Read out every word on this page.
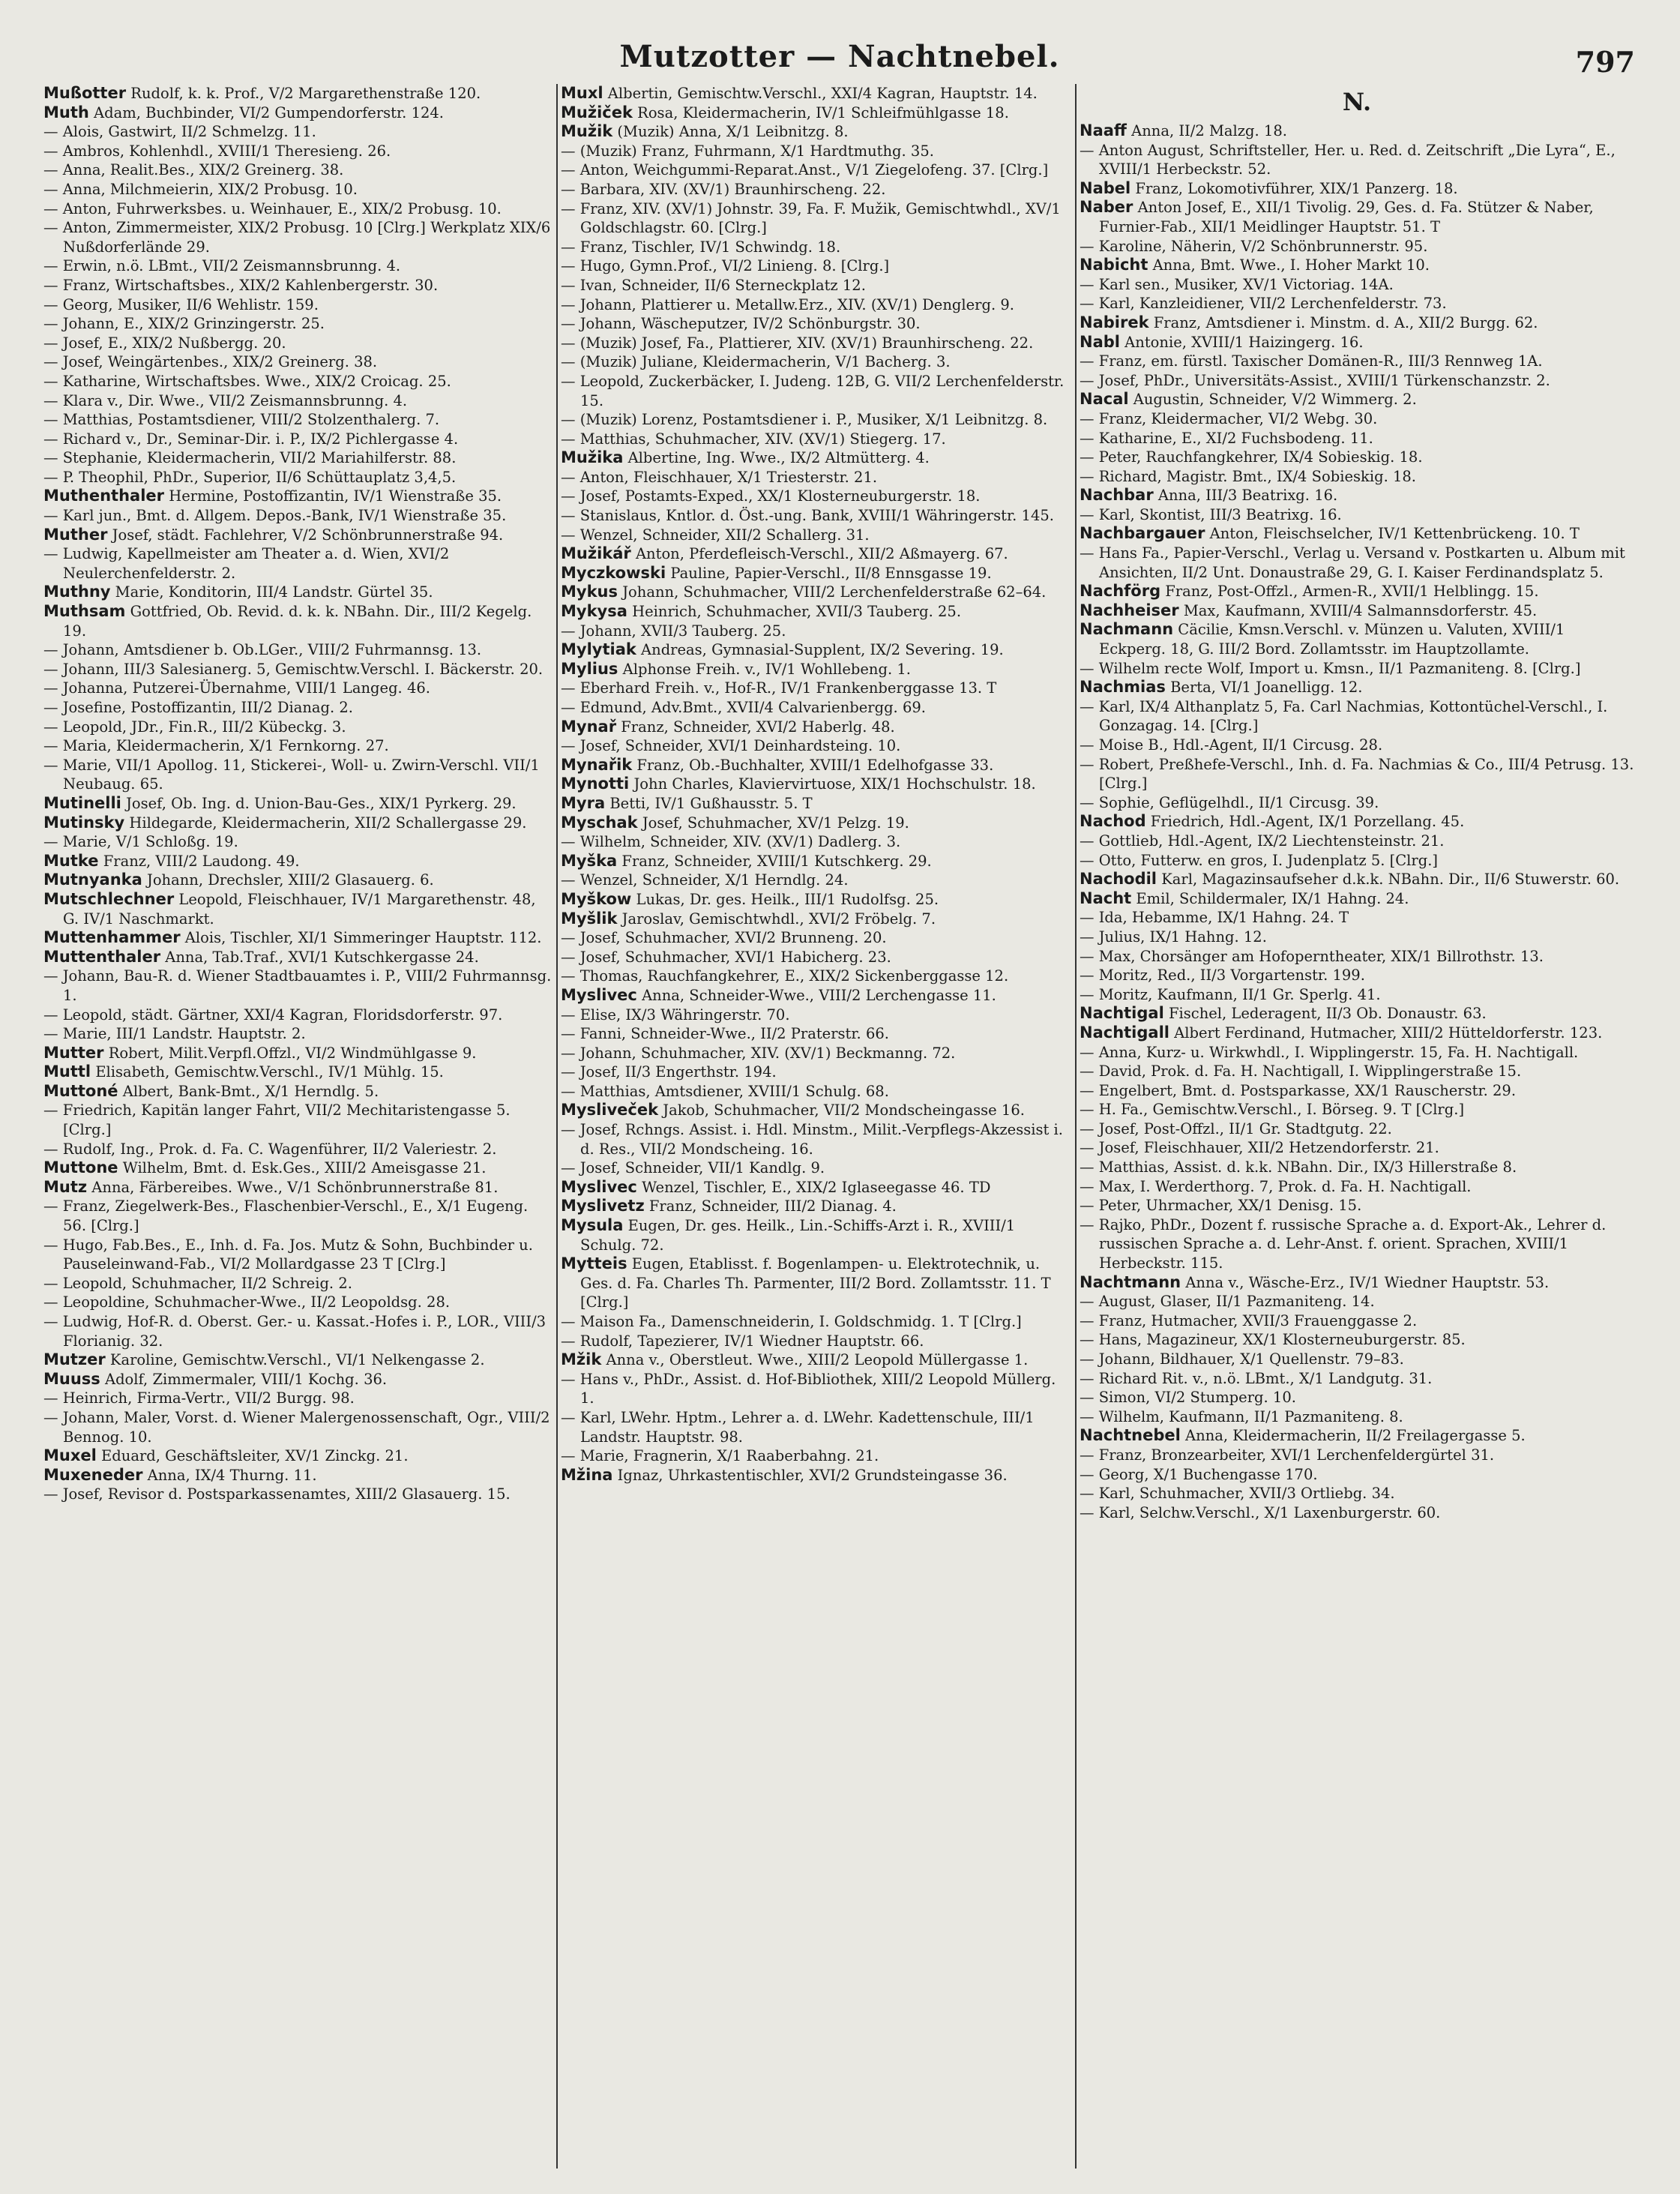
Mutzotter — Nachtnebel.	797

Mußotter Rudolf, k. k. Prof., V/2 Margarethenstraße 120.

Muth Adam, Buchbinder, VI/2 Gumpendorferstr. 124.

— Alois, Gastwirt, II/2 Schmelzg. 11.

— Ambros, Kohlenhdl., XVIII/1 Theresieng. 26.

— Anna, Realit.Bes., XIX/2 Greinerg. 38.

— Anna, Milchmeierin, XIX/2 Probusg. 10.

— Anton, Fuhrwerksbes. u. Weinhauer, E., XIX/2 Probusg. 10.

— Anton, Zimmermeister, XIX/2 Probusg. 10 [Clrg.] Werkplatz XIX/6 Nußdorferlände 29.

— Erwin, n.ö. LBmt., VII/2 Zeismannsbrunng. 4.

— Franz, Wirtschaftsbes., XIX/2 Kahlenbergerstr. 30.

— Georg, Musiker, II/6 Wehlistr. 159.

— Johann, E., XIX/2 Grinzingerstr. 25.

— Josef, E., XIX/2 Nußbergg. 20.

— Josef, Weingärtenbes., XIX/2 Greinerg. 38.

— Katharine, Wirtschaftsbes. Wwe., XIX/2 Croicag. 25.

— Klara v., Dir. Wwe., VII/2 Zeismannsbrunng. 4.

— Matthias, Postamtsdiener, VIII/2 Stolzenthalerg. 7.

— Richard v., Dr., Seminar-Dir. i. P., IX/2 Pichlergasse 4.

— Stephanie, Kleidermacherin, VII/2 Mariahilferstr. 88.

— P. Theophil, PhDr., Superior, II/6 Schüttauplatz 3,4,5.

Muthenthaler Hermine, Postoffizantin, IV/1 Wienstraße 35.

— Karl jun., Bmt. d. Allgem. Depos.-Bank, IV/1 Wienstraße 35.

Muther Josef, städt. Fachlehrer, V/2 Schönbrunnerstraße 94.

— Ludwig, Kapellmeister am Theater a. d. Wien, XVI/2 Neulerchenfelderstr. 2.

Muthny Marie, Konditorin, III/4 Landstr. Gürtel 35.

Muthsam Gottfried, Ob. Revid. d. k. k. NBahn. Dir., III/2 Kegelg. 19.

— Johann, Amtsdiener b. Ob.LGer., VIII/2 Fuhrmannsg. 13.

— Johann, III/3 Salesianerg. 5, Gemischtw.Verschl. I. Bäckerstr. 20.

— Johanna, Putzerei-Übernahme, VIII/1 Langeg. 46.

— Josefine, Postoffizantin, III/2 Dianag. 2.

— Leopold, JDr., Fin.R., III/2 Kübeckg. 3.

— Maria, Kleidermacherin, X/1 Fernkorng. 27.

— Marie, VII/1 Apollog. 11, Stickerei-, Woll- u. Zwirn-Verschl. VII/1 Neubaug. 65.

Mutinelli Josef, Ob. Ing. d. Union-Bau-Ges., XIX/1 Pyrkerg. 29.

Mutinsky Hildegarde, Kleidermacherin, XII/2 Schallergasse 29.

— Marie, V/1 Schloßg. 19.

Mutke Franz, VIII/2 Laudong. 49.

Mutnyanka Johann, Drechsler, XIII/2 Glasauerg. 6.

Mutschlechner Leopold, Fleischhauer, IV/1 Margarethenstr. 48, G. IV/1 Naschmarkt.

Muttenhammer Alois, Tischler, XI/1 Simmeringer Hauptstr. 112.

Muttenthaler Anna, Tab.Traf., XVI/1 Kutschkergasse 24.

— Johann, Bau-R. d. Wiener Stadtbauamtes i. P., VIII/2 Fuhrmannsg. 1.

— Leopold, städt. Gärtner, XXI/4 Kagran, Floridsdorferstr. 97.

— Marie, III/1 Landstr. Hauptstr. 2.

Mutter Robert, Milit.Verpfl.Offzl., VI/2 Windmühlgasse 9.

Muttl Elisabeth, Gemischtw.Verschl., IV/1 Mühlg. 15.

Muttoné Albert, Bank-Bmt., X/1 Herndlg. 5.

— Friedrich, Kapitän langer Fahrt, VII/2 Mechitaristengasse 5. [Clrg.]

— Rudolf, Ing., Prok. d. Fa. C. Wagenführer, II/2 Valeriestr. 2.

Muttone Wilhelm, Bmt. d. Esk.Ges., XIII/2 Ameisgasse 21.

Mutz Anna, Färbereibes. Wwe., V/1 Schönbrunnerstraße 81.

— Franz, Ziegelwerk-Bes., Flaschenbier-Verschl., E., X/1 Eugeng. 56. [Clrg.]

— Hugo, Fab.Bes., E., Inh. d. Fa. Jos. Mutz & Sohn, Buchbinder u. Pauseleinwand-Fab., VI/2 Mollardgasse 23 T [Clrg.]

— Leopold, Schuhmacher, II/2 Schreig. 2.

— Leopoldine, Schuhmacher-Wwe., II/2 Leopoldsg. 28.

— Ludwig, Hof-R. d. Oberst. Ger.- u. Kassat.-Hofes i. P., LOR., VIII/3 Florianig. 32.

Mutzer Karoline, Gemischtw.Verschl., VI/1 Nelkengasse 2.

Muuss Adolf, Zimmermaler, VIII/1 Kochg. 36.

— Heinrich, Firma-Vertr., VII/2 Burgg. 98.

— Johann, Maler, Vorst. d. Wiener Malergenossenschaft, Ogr., VIII/2 Bennog. 10.

Muxel Eduard, Geschäftsleiter, XV/1 Zinckg. 21.

Muxeneder Anna, IX/4 Thurng. 11.

— Josef, Revisor d. Postsparkassenamtes, XIII/2 Glasauerg. 15.

Muxl Albertin, Gemischtw.Verschl., XXI/4 Kagran, Hauptstr. 14.

Mužiček Rosa, Kleidermacherin, IV/1 Schleifmühlgasse 18.

Mužik (Muzik) Anna, X/1 Leibnitzg. 8.

— (Muzik) Franz, Fuhrmann, X/1 Hardtmuthg. 35.

— Anton, Weichgummi-Reparat.Anst., V/1 Ziegelofeng. 37. [Clrg.]

— Barbara, XIV. (XV/1) Braunhirscheng. 22.

— Franz, XIV. (XV/1) Johnstr. 39, Fa. F. Mužik, Gemischtwhdl., XV/1 Goldschlagstr. 60. [Clrg.]

— Franz, Tischler, IV/1 Schwindg. 18.

— Hugo, Gymn.Prof., VI/2 Linieng. 8. [Clrg.]

— Ivan, Schneider, II/6 Sterneckplatz 12.

— Johann, Plattierer u. Metallw.Erz., XIV. (XV/1) Denglerg. 9.

— Johann, Wäscheputzer, IV/2 Schönburgstr. 30.

— (Muzik) Josef, Fa., Plattierer, XIV. (XV/1) Braunhirscheng. 22.

— (Muzik) Juliane, Kleidermacherin, V/1 Bacherg. 3.

— Leopold, Zuckerbäcker, I. Judeng. 12B, G. VII/2 Lerchenfelderstr. 15.

— (Muzik) Lorenz, Postamtsdiener i. P., Musiker, X/1 Leibnitzg. 8.

— Matthias, Schuhmacher, XIV. (XV/1) Stiegerg. 17.

Mužika Albertine, Ing. Wwe., IX/2 Altmütterg. 4.

— Anton, Fleischhauer, X/1 Triesterstr. 21.

— Josef, Postamts-Exped., XX/1 Klosterneuburgerstr. 18.

— Stanislaus, Kntlor. d. Öst.-ung. Bank, XVIII/1 Währingerstr. 145.

— Wenzel, Schneider, XII/2 Schallerg. 31.

Mužikář Anton, Pferdefleisch-Verschl., XII/2 Aßmayerg. 67.

Myczkowski Pauline, Papier-Verschl., II/8 Ennsgasse 19.

Mykus Johann, Schuhmacher, VIII/2 Lerchenfelderstraße 62–64.

Mykysa Heinrich, Schuhmacher, XVII/3 Tauberg. 25.

— Johann, XVII/3 Tauberg. 25.

Mylytiak Andreas, Gymnasial-Supplent, IX/2 Severing. 19.

Mylius Alphonse Freih. v., IV/1 Wohllebeng. 1.

— Eberhard Freih. v., Hof-R., IV/1 Frankenberggasse 13. T

— Edmund, Adv.Bmt., XVII/4 Calvarienbergg. 69.

Mynař Franz, Schneider, XVI/2 Haberlg. 48.

— Josef, Schneider, XVI/1 Deinhardsteing. 10.

Mynařik Franz, Ob.-Buchhalter, XVIII/1 Edelhofgasse 33.

Mynotti John Charles, Klaviervirtuose, XIX/1 Hochschulstr. 18.

Myra Betti, IV/1 Gußhausstr. 5. T

Myschak Josef, Schuhmacher, XV/1 Pelzg. 19.

— Wilhelm, Schneider, XIV. (XV/1) Dadlerg. 3.

Myška Franz, Schneider, XVIII/1 Kutschkerg. 29.

— Wenzel, Schneider, X/1 Herndlg. 24.

Myškow Lukas, Dr. ges. Heilk., III/1 Rudolfsg. 25.

Myšlik Jaroslav, Gemischtwhdl., XVI/2 Fröbelg. 7.

— Josef, Schuhmacher, XVI/2 Brunneng. 20.

— Josef, Schuhmacher, XVI/1 Habicherg. 23.

— Thomas, Rauchfangkehrer, E., XIX/2 Sickenberggasse 12.

Myslivec Anna, Schneider-Wwe., VIII/2 Lerchengasse 11.

— Elise, IX/3 Währingerstr. 70.

— Fanni, Schneider-Wwe., II/2 Praterstr. 66.

— Johann, Schuhmacher, XIV. (XV/1) Beckmanng. 72.

— Josef, II/3 Engerthstr. 194.

— Matthias, Amtsdiener, XVIII/1 Schulg. 68.

Mysliveček Jakob, Schuhmacher, VII/2 Mondscheingasse 16.

— Josef, Rchngs. Assist. i. Hdl. Minstm., Milit.-Verpflegs-Akzessist i. d. Res., VII/2 Mondscheing. 16.

— Josef, Schneider, VII/1 Kandlg. 9.

Myslivec Wenzel, Tischler, E., XIX/2 Iglaseegasse 46. TD

Myslivetz Franz, Schneider, III/2 Dianag. 4.

Mysula Eugen, Dr. ges. Heilk., Lin.-Schiffs-Arzt i. R., XVIII/1 Schulg. 72.

Mytteis Eugen, Etablisst. f. Bogenlampen- u. Elektrotechnik, u. Ges. d. Fa. Charles Th. Parmenter, III/2 Bord. Zollamtsstr. 11. T [Clrg.]

— Maison Fa., Damenschneiderin, I. Goldschmidg. 1. T [Clrg.]

— Rudolf, Tapezierer, IV/1 Wiedner Hauptstr. 66.

Mžik Anna v., Oberstleut. Wwe., XIII/2 Leopold Müllergasse 1.

— Hans v., PhDr., Assist. d. Hof-Bibliothek, XIII/2 Leopold Müllerg. 1.

— Karl, LWehr. Hptm., Lehrer a. d. LWehr. Kadettenschule, III/1 Landstr. Hauptstr. 98.

— Marie, Fragnerin, X/1 Raaberbahng. 21.

Mžina Ignaz, Uhrkastentischler, XVI/2 Grundsteingasse 36.

N.

Naaff Anna, II/2 Malzg. 18.

— Anton August, Schriftsteller, Her. u. Red. d. Zeitschrift „Die Lyra“, E., XVIII/1 Herbeckstr. 52.

Nabel Franz, Lokomotivführer, XIX/1 Panzerg. 18.

Naber Anton Josef, E., XII/1 Tivolig. 29, Ges. d. Fa. Stützer & Naber, Furnier-Fab., XII/1 Meidlinger Hauptstr. 51. T

— Karoline, Näherin, V/2 Schönbrunnerstr. 95.

Nabicht Anna, Bmt. Wwe., I. Hoher Markt 10.

— Karl sen., Musiker, XV/1 Victoriag. 14A.

— Karl, Kanzleidiener, VII/2 Lerchenfelderstr. 73.

Nabirek Franz, Amtsdiener i. Minstm. d. A., XII/2 Burgg. 62.

Nabl Antonie, XVIII/1 Haizingerg. 16.

— Franz, em. fürstl. Taxischer Domänen-R., III/3 Rennweg 1A.

— Josef, PhDr., Universitäts-Assist., XVIII/1 Türkenschanzstr. 2.

Nacal Augustin, Schneider, V/2 Wimmerg. 2.

— Franz, Kleidermacher, VI/2 Webg. 30.

— Katharine, E., XI/2 Fuchsbodeng. 11.

— Peter, Rauchfangkehrer, IX/4 Sobieskig. 18.

— Richard, Magistr. Bmt., IX/4 Sobieskig. 18.

Nachbar Anna, III/3 Beatrixg. 16.

— Karl, Skontist, III/3 Beatrixg. 16.

Nachbargauer Anton, Fleischselcher, IV/1 Kettenbrückeng. 10. T

— Hans Fa., Papier-Verschl., Verlag u. Versand v. Postkarten u. Album mit Ansichten, II/2 Unt. Donaustraße 29, G. I. Kaiser Ferdinandsplatz 5.

Nachförg Franz, Post-Offzl., Armen-R., XVII/1 Helblingg. 15.

Nachheiser Max, Kaufmann, XVIII/4 Salmannsdorferstr. 45.

Nachmann Cäcilie, Kmsn.Verschl. v. Münzen u. Valuten, XVIII/1 Eckperg. 18, G. III/2 Bord. Zollamtsstr. im Hauptzollamte.

— Wilhelm recte Wolf, Import u. Kmsn., II/1 Pazmaniteng. 8. [Clrg.]

Nachmias Berta, VI/1 Joanelligg. 12.

— Karl, IX/4 Althanplatz 5, Fa. Carl Nachmias, Kottontüchel-Verschl., I. Gonzagag. 14. [Clrg.]

— Moise B., Hdl.-Agent, II/1 Circusg. 28.

— Robert, Preßhefe-Verschl., Inh. d. Fa. Nachmias & Co., III/4 Petrusg. 13. [Clrg.]

— Sophie, Geflügelhdl., II/1 Circusg. 39.

Nachod Friedrich, Hdl.-Agent, IX/1 Porzellang. 45.

— Gottlieb, Hdl.-Agent, IX/2 Liechtensteinstr. 21.

— Otto, Futterw. en gros, I. Judenplatz 5. [Clrg.]

Nachodil Karl, Magazinsaufseher d.k.k. NBahn. Dir., II/6 Stuwerstr. 60.

Nacht Emil, Schildermaler, IX/1 Hahng. 24.

— Ida, Hebamme, IX/1 Hahng. 24. T

— Julius, IX/1 Hahng. 12.

— Max, Chorsänger am Hofoperntheater, XIX/1 Billrothstr. 13.

— Moritz, Red., II/3 Vorgartenstr. 199.

— Moritz, Kaufmann, II/1 Gr. Sperlg. 41.

Nachtigal Fischel, Lederagent, II/3 Ob. Donaustr. 63.

Nachtigall Albert Ferdinand, Hutmacher, XIII/2 Hütteldorferstr. 123.

— Anna, Kurz- u. Wirkwhdl., I. Wipplingerstr. 15, Fa. H. Nachtigall.

— David, Prok. d. Fa. H. Nachtigall, I. Wipplingerstraße 15.

— Engelbert, Bmt. d. Postsparkasse, XX/1 Rauscherstr. 29.

— H. Fa., Gemischtw.Verschl., I. Börseg. 9. T [Clrg.]

— Josef, Post-Offzl., II/1 Gr. Stadtgutg. 22.

— Josef, Fleischhauer, XII/2 Hetzendorferstr. 21.

— Matthias, Assist. d. k.k. NBahn. Dir., IX/3 Hillerstraße 8.

— Max, I. Werderthorg. 7, Prok. d. Fa. H. Nachtigall.

— Peter, Uhrmacher, XX/1 Denisg. 15.

— Rajko, PhDr., Dozent f. russische Sprache a. d. Export-Ak., Lehrer d. russischen Sprache a. d. Lehr-Anst. f. orient. Sprachen, XVIII/1 Herbeckstr. 115.

Nachtmann Anna v., Wäsche-Erz., IV/1 Wiedner Hauptstr. 53.

— August, Glaser, II/1 Pazmaniteng. 14.

— Franz, Hutmacher, XVII/3 Frauenggasse 2.

— Hans, Magazineur, XX/1 Klosterneuburgerstr. 85.

— Johann, Bildhauer, X/1 Quellenstr. 79–83.

— Richard Rit. v., n.ö. LBmt., X/1 Landgutg. 31.

— Simon, VI/2 Stumperg. 10.

— Wilhelm, Kaufmann, II/1 Pazmaniteng. 8.

Nachtnebel Anna, Kleidermacherin, II/2 Freilagergasse 5.

— Franz, Bronzearbeiter, XVI/1 Lerchenfeldergürtel 31.

— Georg, X/1 Buchengasse 170.

— Karl, Schuhmacher, XVII/3 Ortliebg. 34.

— Karl, Selchw.Verschl., X/1 Laxenburgerstr. 60.
